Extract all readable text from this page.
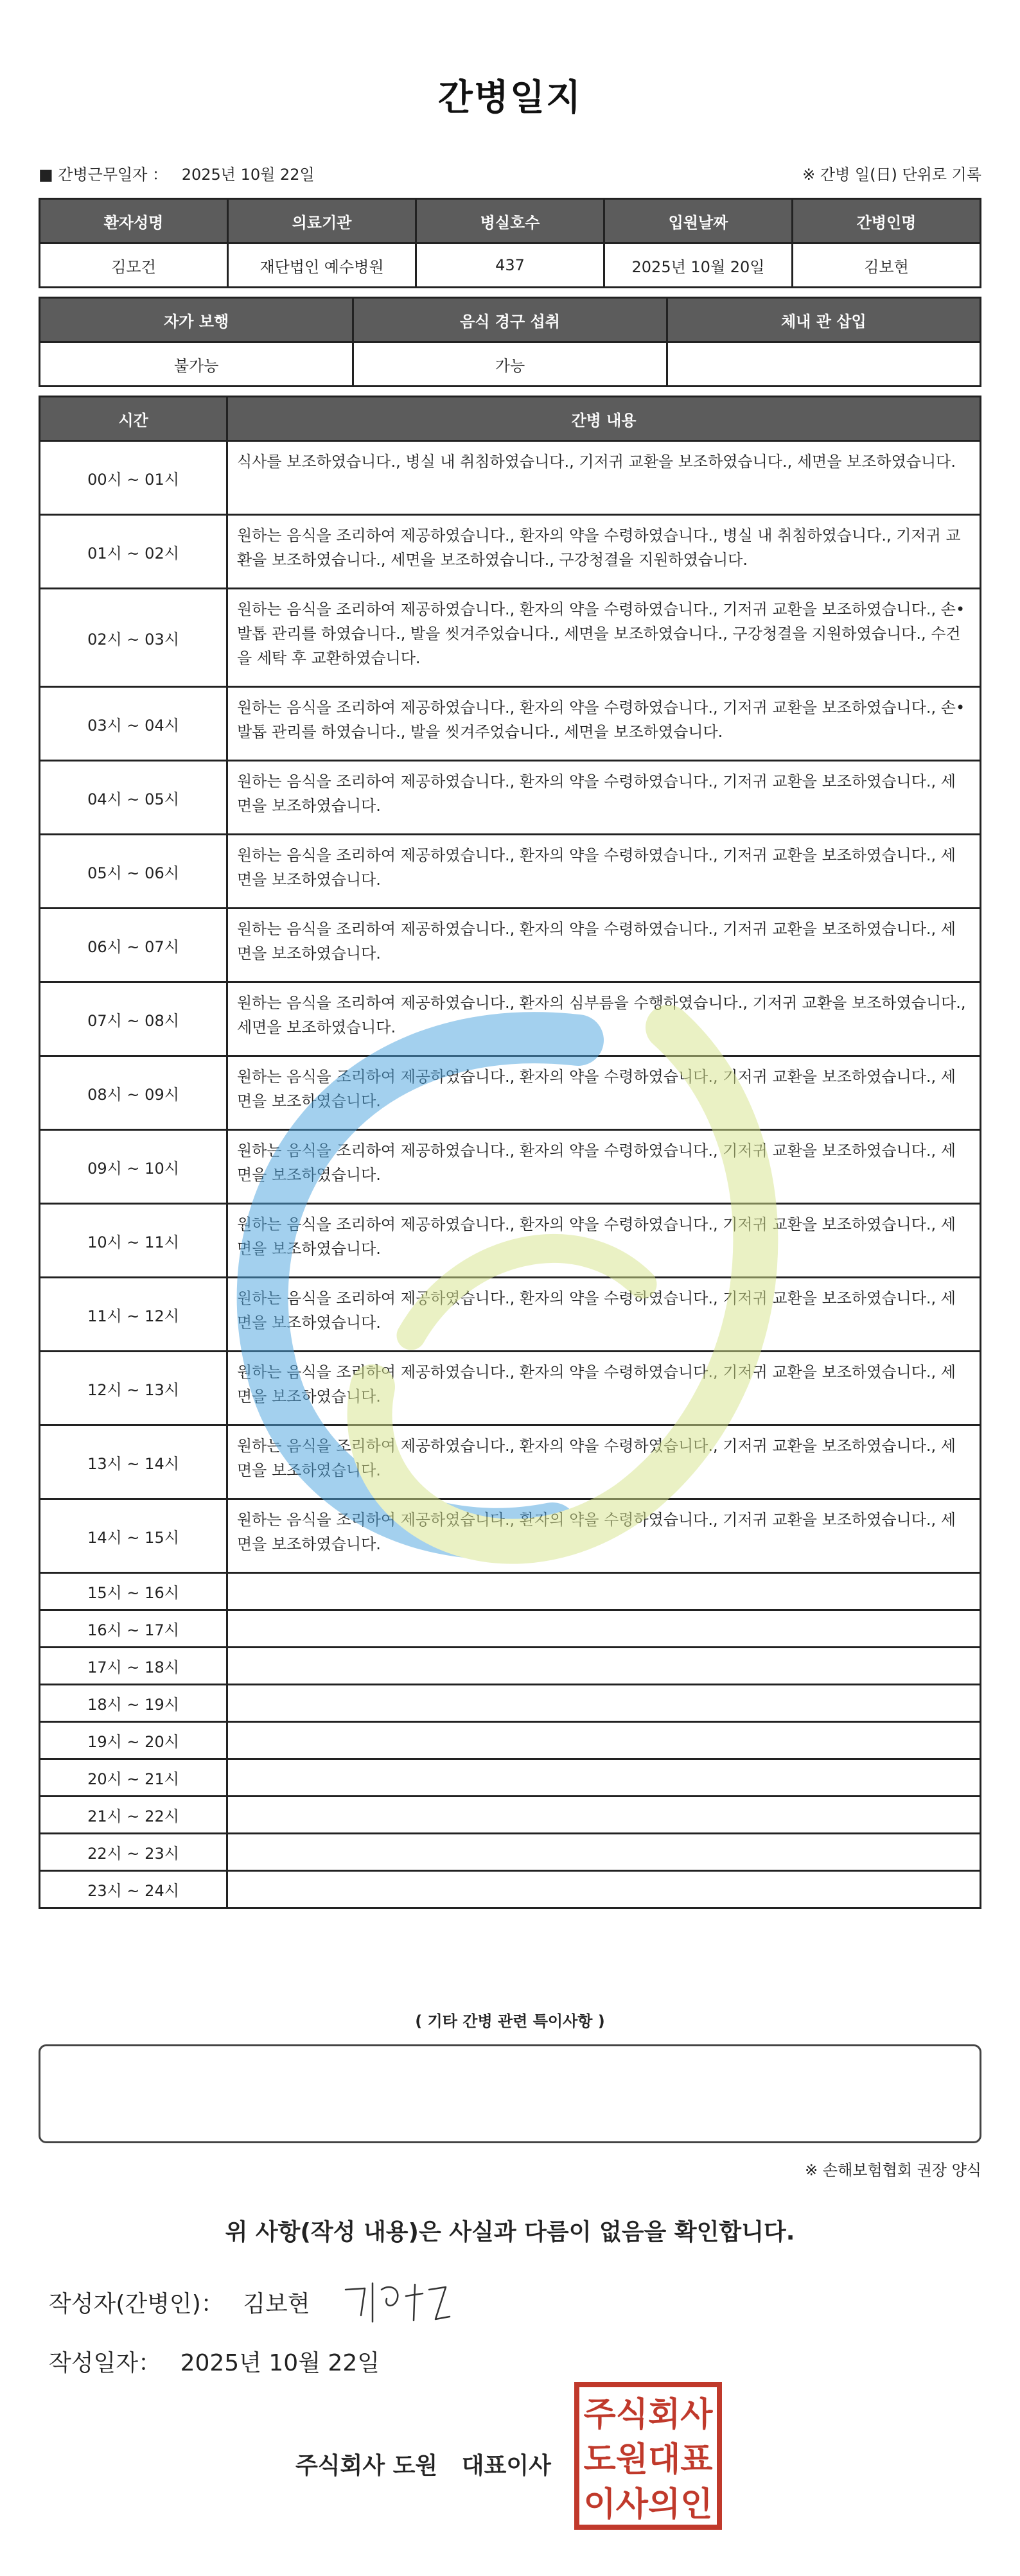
간병일지
■ 간병근무일자 ： 2025년 10월 22일	※ 간병 일(日) 단위로 기록
환자성명	의료기관	병실호수	입원날짜	간병인명
김모건	재단법인 예수병원	437	2025년 10월 20일	김보현
자가 보행	음식 경구 섭취	체내 관 삽입
불가능	가능	
시간	간병 내용
00시 ~ 01시	식사를 보조하였습니다., 병실 내 취침하였습니다., 기저귀 교환을 보조하였습니다., 세면을 보조하였습니다.
01시 ~ 02시	원하는 음식을 조리하여 제공하였습니다., 환자의 약을 수령하였습니다., 병실 내 취침하였습니다., 기저귀 교환을 보조하였습니다., 세면을 보조하였습니다., 구강청결을 지원하였습니다.
02시 ~ 03시	원하는 음식을 조리하여 제공하였습니다., 환자의 약을 수령하였습니다., 기저귀 교환을 보조하였습니다., 손•발톱 관리를 하였습니다., 발을 씻겨주었습니다., 세면을 보조하였습니다., 구강청결을 지원하였습니다., 수건을 세탁 후 교환하였습니다.
03시 ~ 04시	원하는 음식을 조리하여 제공하였습니다., 환자의 약을 수령하였습니다., 기저귀 교환을 보조하였습니다., 손•발톱 관리를 하였습니다., 발을 씻겨주었습니다., 세면을 보조하였습니다.
04시 ~ 05시	원하는 음식을 조리하여 제공하였습니다., 환자의 약을 수령하였습니다., 기저귀 교환을 보조하였습니다., 세면을 보조하였습니다.
05시 ~ 06시	원하는 음식을 조리하여 제공하였습니다., 환자의 약을 수령하였습니다., 기저귀 교환을 보조하였습니다., 세면을 보조하였습니다.
06시 ~ 07시	원하는 음식을 조리하여 제공하였습니다., 환자의 약을 수령하였습니다., 기저귀 교환을 보조하였습니다., 세면을 보조하였습니다.
07시 ~ 08시	원하는 음식을 조리하여 제공하였습니다., 환자의 심부름을 수행하였습니다., 기저귀 교환을 보조하였습니다., 세면을 보조하였습니다.
08시 ~ 09시	원하는 음식을 조리하여 제공하였습니다., 환자의 약을 수령하였습니다., 기저귀 교환을 보조하였습니다., 세면을 보조하였습니다.
09시 ~ 10시	원하는 음식을 조리하여 제공하였습니다., 환자의 약을 수령하였습니다., 기저귀 교환을 보조하였습니다., 세면을 보조하였습니다.
10시 ~ 11시	원하는 음식을 조리하여 제공하였습니다., 환자의 약을 수령하였습니다., 기저귀 교환을 보조하였습니다., 세면을 보조하였습니다.
11시 ~ 12시	원하는 음식을 조리하여 제공하였습니다., 환자의 약을 수령하였습니다., 기저귀 교환을 보조하였습니다., 세면을 보조하였습니다.
12시 ~ 13시	원하는 음식을 조리하여 제공하였습니다., 환자의 약을 수령하였습니다., 기저귀 교환을 보조하였습니다., 세면을 보조하였습니다.
13시 ~ 14시	원하는 음식을 조리하여 제공하였습니다., 환자의 약을 수령하였습니다., 기저귀 교환을 보조하였습니다., 세면을 보조하였습니다.
14시 ~ 15시	원하는 음식을 조리하여 제공하였습니다., 환자의 약을 수령하였습니다., 기저귀 교환을 보조하였습니다., 세면을 보조하였습니다.
15시 ~ 16시	
16시 ~ 17시	
17시 ~ 18시	
18시 ~ 19시	
19시 ~ 20시	
20시 ~ 21시	
21시 ~ 22시	
22시 ~ 23시	
23시 ~ 24시	
( 기타 간병 관련 특이사항 )
※ 손해보험협회 권장 양식
위 사항(작성 내용)은 사실과 다름이 없음을 확인합니다.
작성자(간병인)： 김보현
작성일자： 2025년 10월 22일
주식회사 도원   대표이사
주식회사
도원대표
이사의인
